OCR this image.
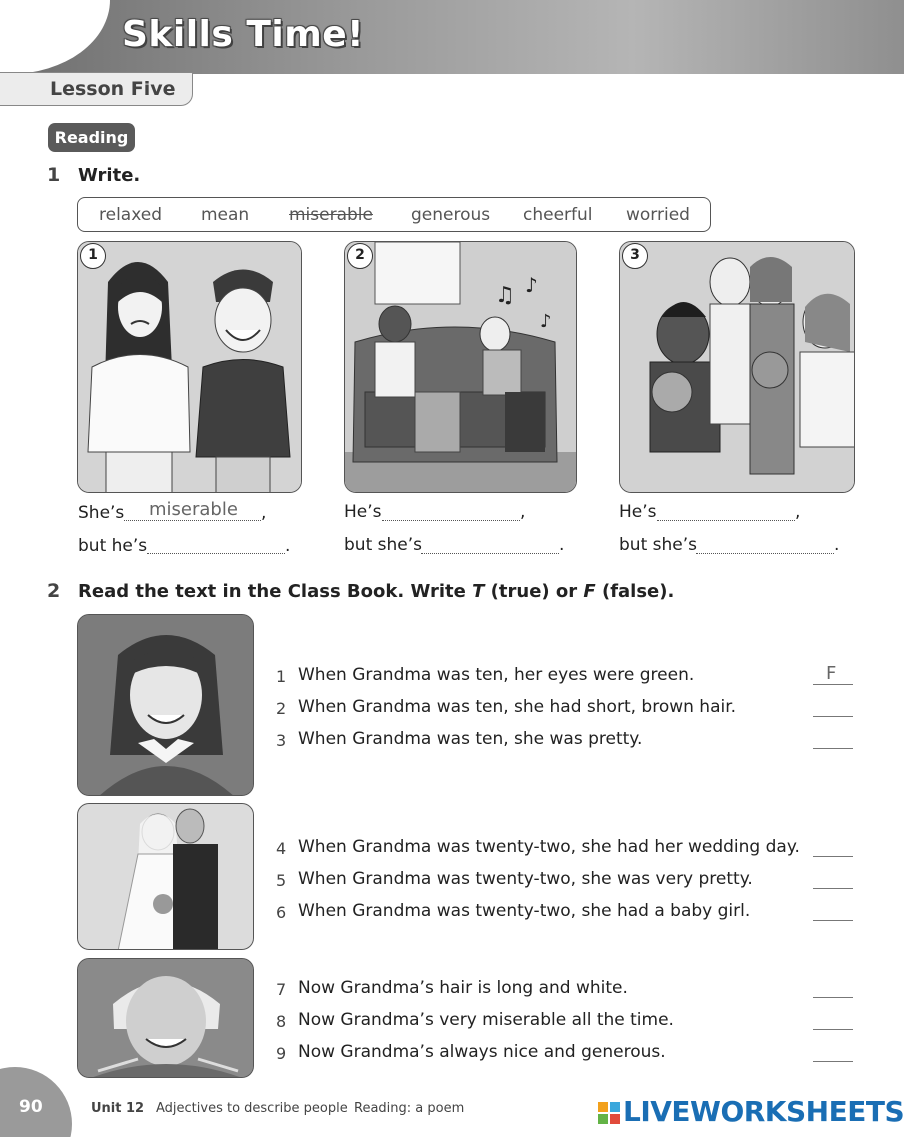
Skills Time!
Lesson Five
Reading
1 Write.
relaxed mean miserable generous cheerful worried
1
♫ ♪
♪
2	3
She’s miserable ,
but he’s	.
He’s	,
but she’s	.
He’s	,
but she’s	.
2 Read the text in the Class Book. Write T (true) or F (false).
1 When Grandma was ten, her eyes were green.	F
2 When Grandma was ten, she had short, brown hair.
3 When Grandma was ten, she was pretty.
4 When Grandma was twenty-two, she had her wedding day.
5 When Grandma was twenty-two, she was very pretty.
6 When Grandma was twenty-two, she had a baby girl.
7 Now Grandma’s hair is long and white.
8 Now Grandma’s very miserable all the time.
9 Now Grandma’s always nice and generous.
90	Unit 12 Adjectives to describe people Reading: a poem	LIVEWORKSHEETS
